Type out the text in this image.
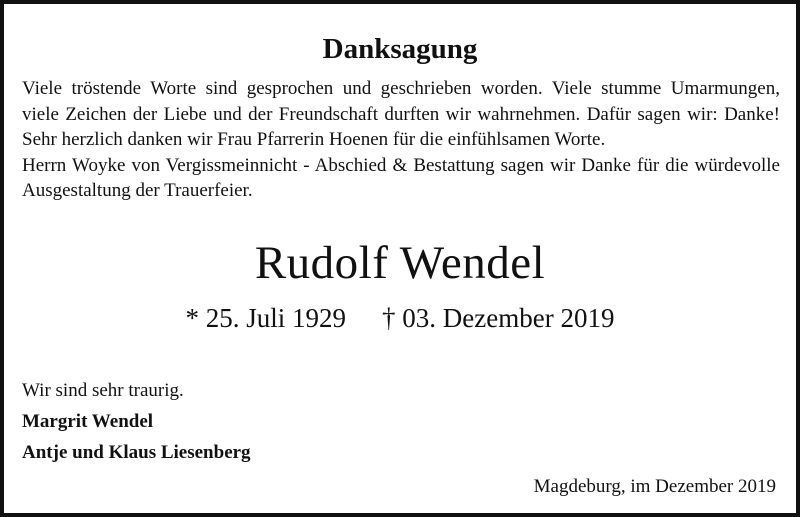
Danksagung
Viele tröstende Worte sind gesprochen und geschrieben worden. Viele stumme Umarmungen,
viele Zeichen der Liebe und der Freundschaft durften wir wahrnehmen. Dafür sagen wir: Danke!
Sehr herzlich danken wir Frau Pfarrerin Hoenen für die einfühlsamen Worte.
Herrn Woyke von Vergissmeinnicht - Abschied & Bestattung sagen wir Danke für die würdevolle
Ausgestaltung der Trauerfeier.
Rudolf Wendel
* 25. Juli 1929 † 03. Dezember 2019
Wir sind sehr traurig.
Margrit Wendel
Antje und Klaus Liesenberg
Magdeburg, im Dezember 2019
